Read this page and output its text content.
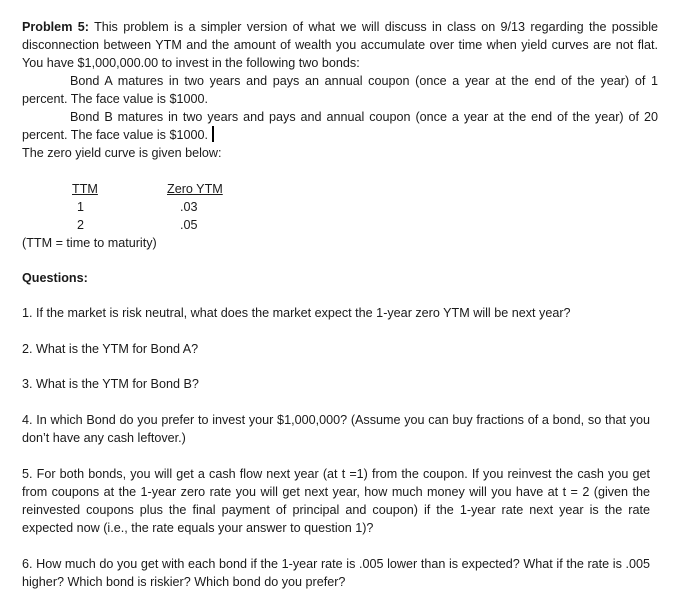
Problem 5: This problem is a simpler version of what we will discuss in class on 9/13 regarding the possible disconnection between YTM and the amount of wealth you accumulate over time when yield curves are not flat. You have $1,000,000.00 to invest in the following two bonds:
Bond A matures in two years and pays an annual coupon (once a year at the end of the year) of 1 percent. The face value is $1000.
Bond B matures in two years and pays and annual coupon (once a year at the end of the year) of 20 percent. The face value is $1000.
The zero yield curve is given below:
TTM	Zero YTM
1	.03
2	.05
(TTM = time to maturity)
Questions:
1. If the market is risk neutral, what does the market expect the 1-year zero YTM will be next year?
2. What is the YTM for Bond A?
3. What is the YTM for Bond B?
4. In which Bond do you prefer to invest your $1,000,000? (Assume you can buy fractions of a bond, so that you don’t have any cash leftover.)
5. For both bonds, you will get a cash flow next year (at t =1) from the coupon. If you reinvest the cash you get from coupons at the 1-year zero rate you will get next year, how much money will you have at t = 2 (given the reinvested coupons plus the final payment of principal and coupon) if the 1-year rate next year is the rate expected now (i.e., the rate equals your answer to question 1)?
6. How much do you get with each bond if the 1-year rate is .005 lower than is expected? What if the rate is .005 higher? Which bond is riskier? Which bond do you prefer?
